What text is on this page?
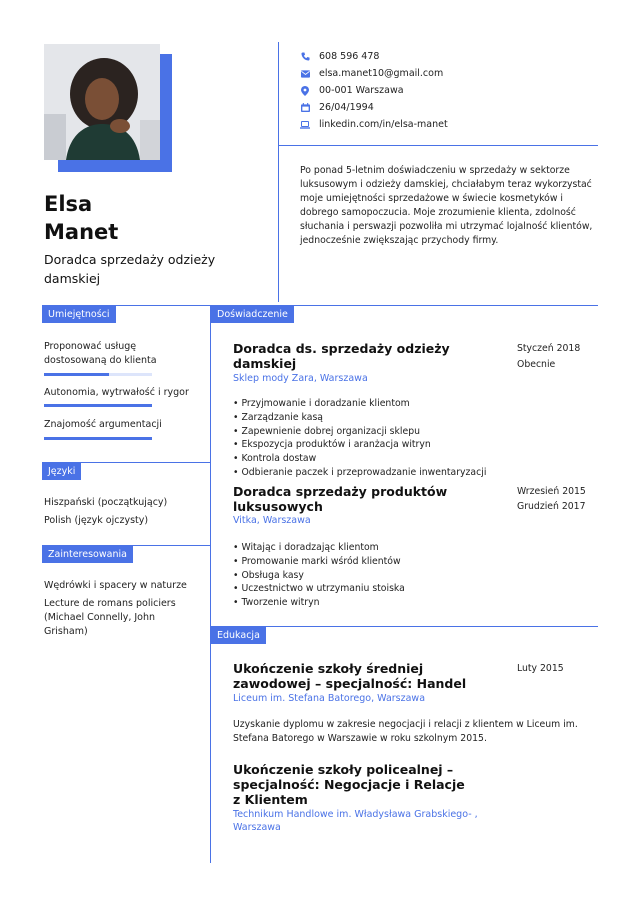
Elsa
Manet
Doradca sprzedaży odzieży damskiej
608 596 478
elsa.manet10@gmail.com
00-001 Warszawa
26/04/1994
linkedin.com/in/elsa-manet
Po ponad 5-letnim doświadczeniu w sprzedaży w sektorze luksusowym i odzieży damskiej, chciałabym teraz wykorzystać moje umiejętności sprzedażowe w świecie kosmetyków i dobrego samopoczucia. Moje zrozumienie klienta, zdolność słuchania i perswazji pozwoliła mi utrzymać lojalność klientów, jednocześnie zwiększając przychody firmy.
Umiejętności
Proponować usługę dostosowaną do klienta
Autonomia, wytrwałość i rygor
Znajomość argumentacji
Języki
Hiszpański (początkujący)
Polish (język ojczysty)
Zainteresowania
Wędrówki i spacery w naturze
Lecture de romans policiers (Michael Connelly, John Grisham)
Doświadczenie
Doradca ds. sprzedaży odzieży damskiej
Sklep mody Zara, Warszawa
• Przyjmowanie i doradzanie klientom
• Zarządzanie kasą
• Zapewnienie dobrej organizacji sklepu
• Ekspozycja produktów i aranżacja witryn
• Kontrola dostaw
• Odbieranie paczek i przeprowadzanie inwentaryzacji
Styczeń 2018
Obecnie
Doradca sprzedaży produktów luksusowych
Vitka, Warszawa
• Witając i doradzając klientom
• Promowanie marki wśród klientów
• Obsługa kasy
• Uczestnictwo w utrzymaniu stoiska
• Tworzenie witryn
Wrzesień 2015
Grudzień 2017
Edukacja
Ukończenie szkoły średniej zawodowej – specjalność: Handel
Liceum im. Stefana Batorego, Warszawa
Uzyskanie dyplomu w zakresie negocjacji i relacji z klientem w Liceum im. Stefana Batorego w Warszawie w roku szkolnym 2015.
Luty 2015
Ukończenie szkoły policealnej – specjalność: Negocjacje i Relacje z Klientem
Technikum Handlowe im. Władysława Grabskiego- , Warszawa
